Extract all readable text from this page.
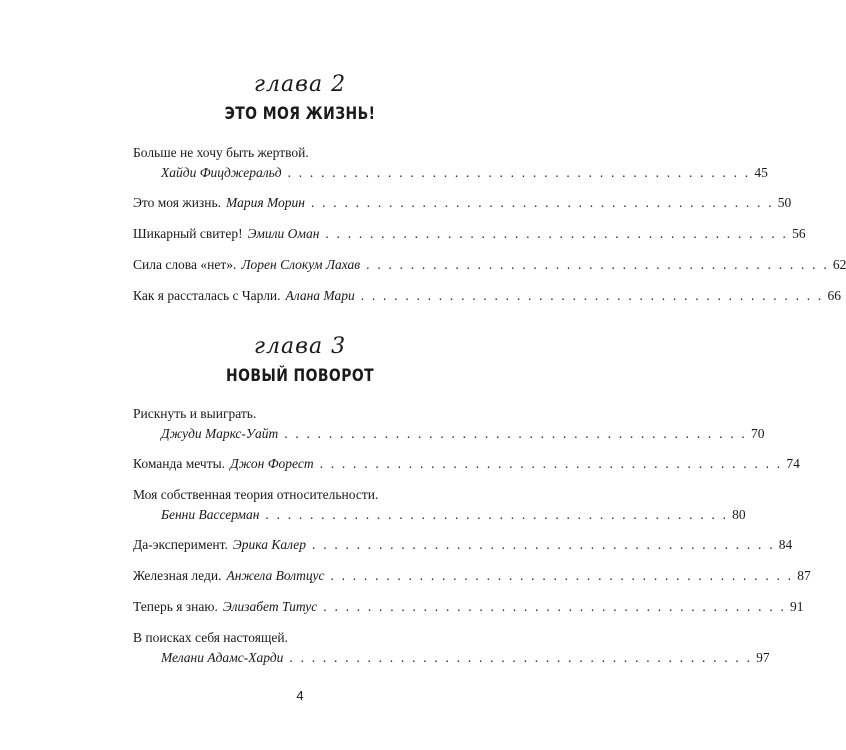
глава 2
ЭТО МОЯ ЖИЗНЬ!
Больше не хочу быть жертвой.
Хайди Фицджеральд . . . . . . . . . . . . . . . . . . . . . . . . . . . . . . . . . . . . . . . . . . 45
Это моя жизнь. Мария Морин . . . . . . . . . . . . . . . . . . . . . . . . . . . . . . . . . . . . . . . . . . 50
Шикарный свитер! Эмили Оман . . . . . . . . . . . . . . . . . . . . . . . . . . . . . . . . . . . . . . . . . . 56
Сила слова «нет». Лорен Слокум Лахав . . . . . . . . . . . . . . . . . . . . . . . . . . . . . . . . . . . . . . . . . . 62
Как я рассталась с Чарли. Алана Мари . . . . . . . . . . . . . . . . . . . . . . . . . . . . . . . . . . . . . . . . . . 66
глава 3
НОВЫЙ ПОВОРОТ
Рискнуть и выиграть.
Джуди Маркс-Уайт . . . . . . . . . . . . . . . . . . . . . . . . . . . . . . . . . . . . . . . . . . 70
Команда мечты. Джон Форест . . . . . . . . . . . . . . . . . . . . . . . . . . . . . . . . . . . . . . . . . . 74
Моя собственная теория относительности.
Бенни Вассерман . . . . . . . . . . . . . . . . . . . . . . . . . . . . . . . . . . . . . . . . . . 80
Да-эксперимент. Эрика Калер . . . . . . . . . . . . . . . . . . . . . . . . . . . . . . . . . . . . . . . . . . 84
Железная леди. Анжела Волтцус . . . . . . . . . . . . . . . . . . . . . . . . . . . . . . . . . . . . . . . . . . 87
Теперь я знаю. Элизабет Титус . . . . . . . . . . . . . . . . . . . . . . . . . . . . . . . . . . . . . . . . . . 91
В поисках себя настоящей.
Мелани Адамс-Харди . . . . . . . . . . . . . . . . . . . . . . . . . . . . . . . . . . . . . . . . . . 97
4
